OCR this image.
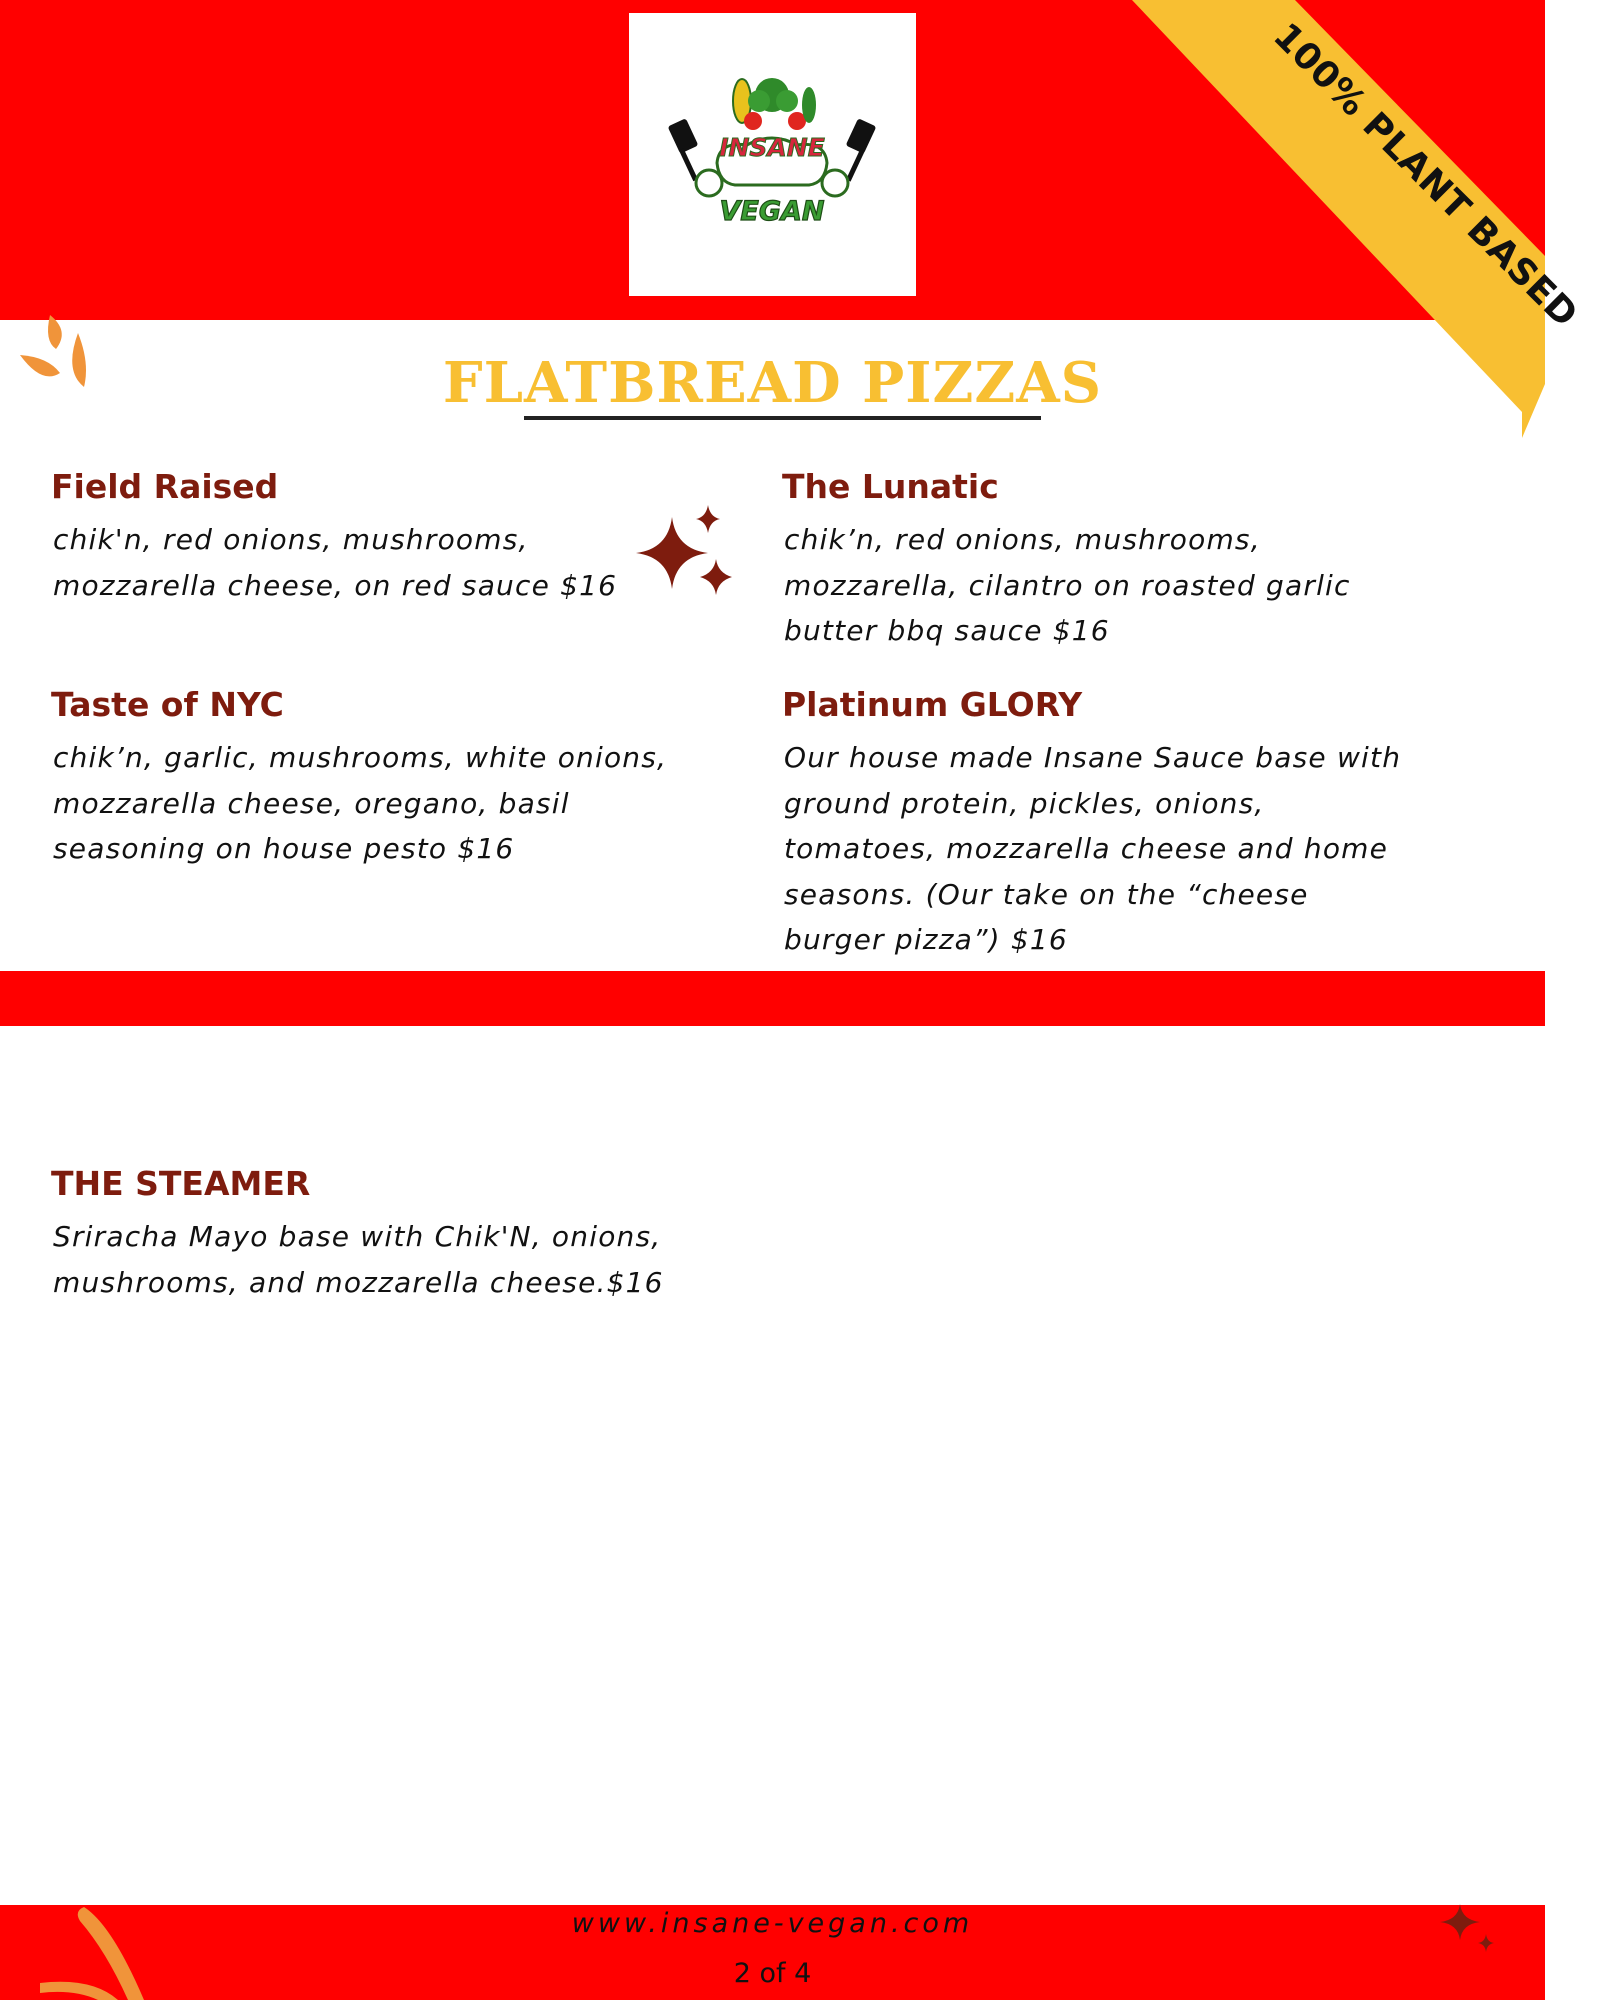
INSANE
VEGAN	100% PLANT BASED
FLATBREAD PIZZAS
Field Raised

chik'n, red onions, mushrooms,
mozzarella cheese, on red sauce $16

The Lunatic

chik’n, red onions, mushrooms,
mozzarella, cilantro on roasted garlic
butter bbq sauce $16

Taste of NYC

chik’n, garlic, mushrooms, white onions,
mozzarella cheese, oregano, basil
seasoning on house pesto $16

Platinum GLORY

Our house made Insane Sauce base with
ground protein, pickles, onions,
tomatoes, mozzarella cheese and home
seasons. (Our take on the “cheese
burger pizza”) $16

THE STEAMER

Sriracha Mayo base with Chik'N, onions,
mushrooms, and mozzarella cheese.$16

www.insane-vegan.com
2 of 4
